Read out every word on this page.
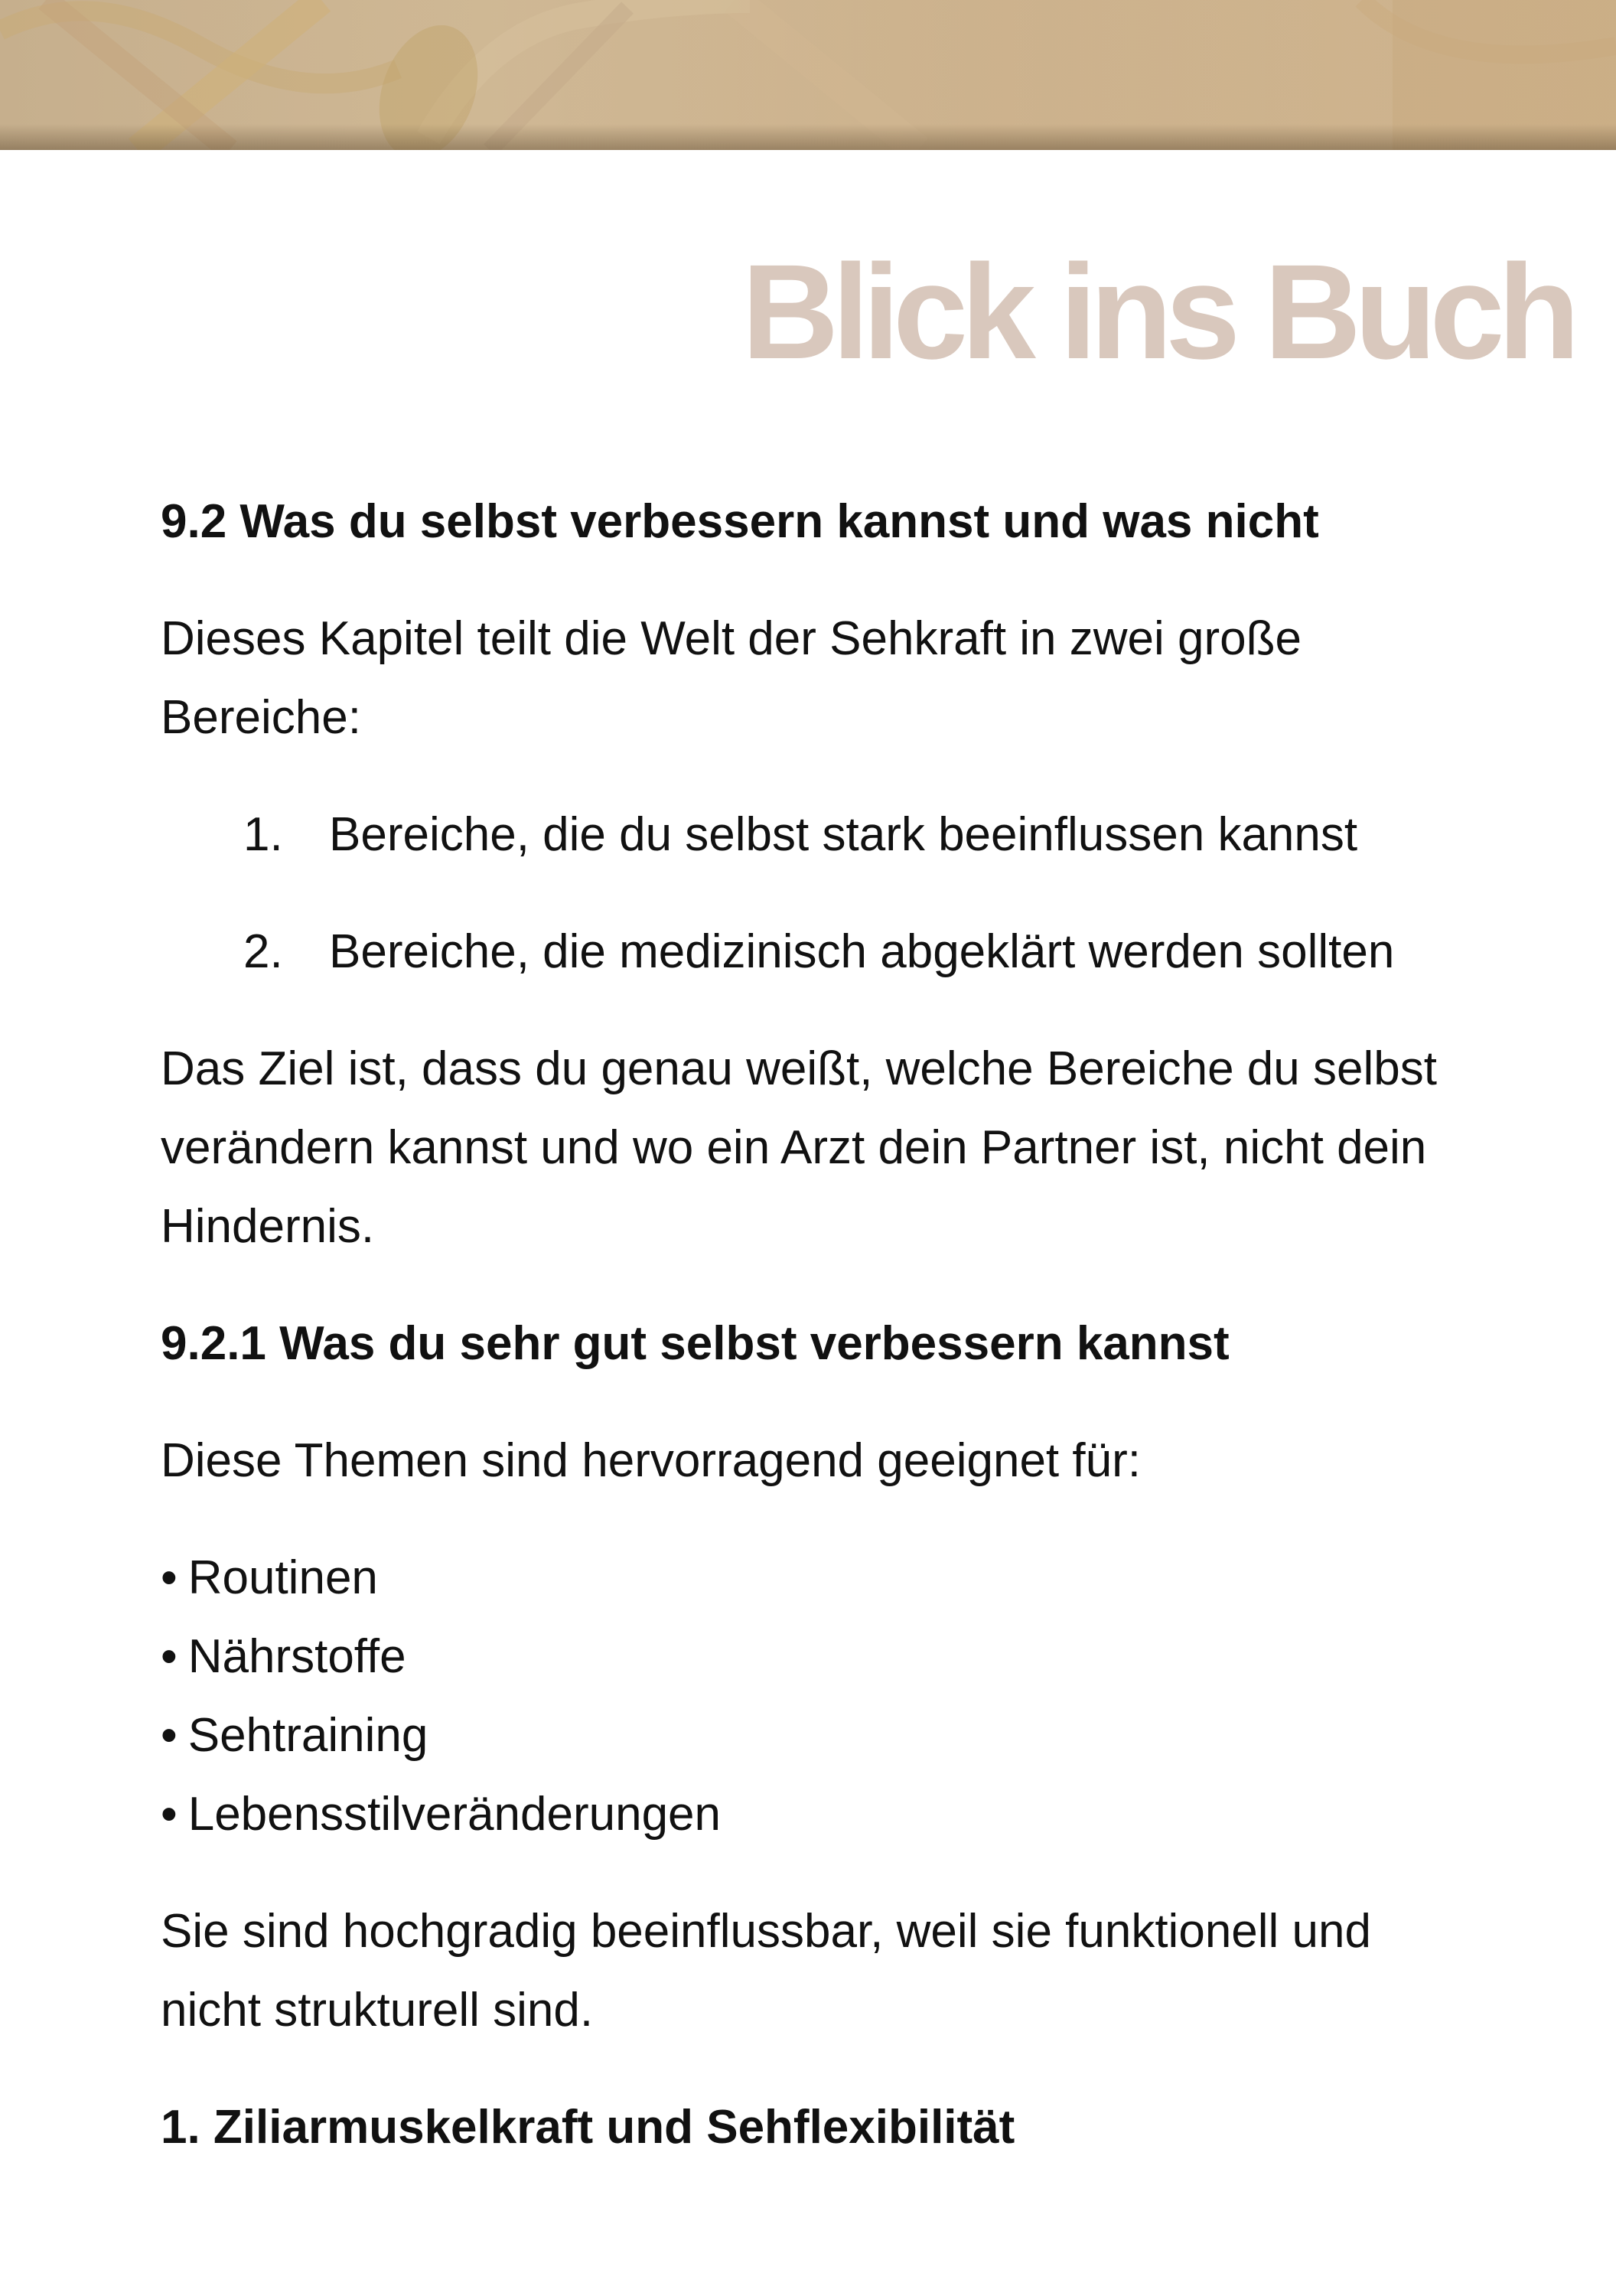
Blick ins Buch
9.2 Was du selbst verbessern kannst und was nicht

Dieses Kapitel teilt die Welt der Sehkraft in zwei große Bereiche:

1. Bereiche, die du selbst stark beeinflussen kannst
2. Bereiche, die medizinisch abgeklärt werden sollten

Das Ziel ist, dass du genau weißt, welche Bereiche du selbst verändern kannst und wo ein Arzt dein Partner ist, nicht dein Hindernis.

9.2.1 Was du sehr gut selbst verbessern kannst

Diese Themen sind hervorragend geeignet für:

• Routinen
• Nährstoffe
• Sehtraining
• Lebensstilveränderungen

Sie sind hochgradig beeinflussbar, weil sie funktionell und nicht strukturell sind.

1. Ziliarmuskelkraft und Sehflexibilität
